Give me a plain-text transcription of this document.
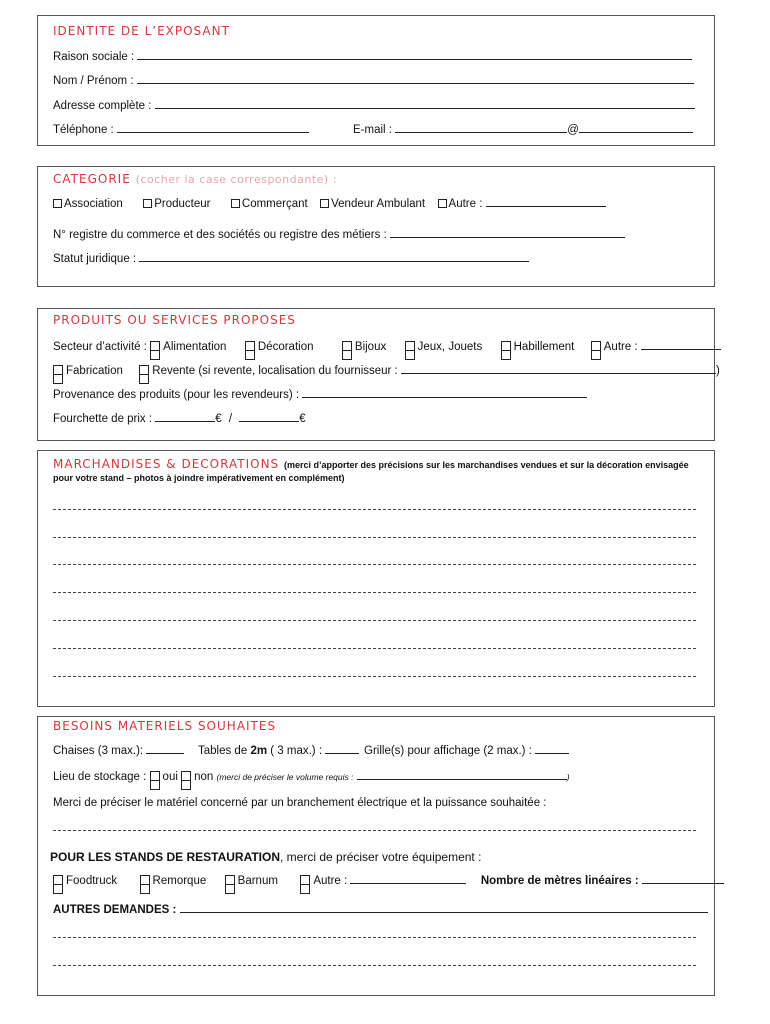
IDENTITE DE L’EXPOSANT
Raison sociale :
Nom / Prénom :
Adresse complète :
Téléphone :	E-mail :	@
CATEGORIE (cocher la case correspondante) :
Association	Producteur	Commerçant Vendeur Ambulant Autre :
N° registre du commerce et des sociétés ou registre des métiers :
Statut juridique :
PRODUITS OU SERVICES PROPOSES
Secteur d’activité : Alimentation	Décoration	Bijoux	Jeux, Jouets	Habillement	Autre :
Fabrication	Revente (si revente, localisation du fournisseur :	)
Provenance des produits (pour les revendeurs) :
Fourchette de prix :	€ /	€
MARCHANDISES & DECORATIONS (merci d’apporter des précisions sur les marchandises vendues et sur la décoration envisagée
pour votre stand – photos à joindre impérativement en complément)
BESOINS MATERIELS SOUHAITES
Chaises (3 max.):	Tables de 2m ( 3 max.) :	Grille(s) pour affichage (2 max.) :
Lieu de stockage : oui non (merci de préciser le volume requis :	)
Merci de préciser le matériel concerné par un branchement électrique et la puissance souhaitée :
POUR LES STANDS DE RESTAURATION, merci de préciser votre équipement :
Foodtruck	Remorque	Barnum	Autre :	Nombre de mètres linéaires :
AUTRES DEMANDES :
